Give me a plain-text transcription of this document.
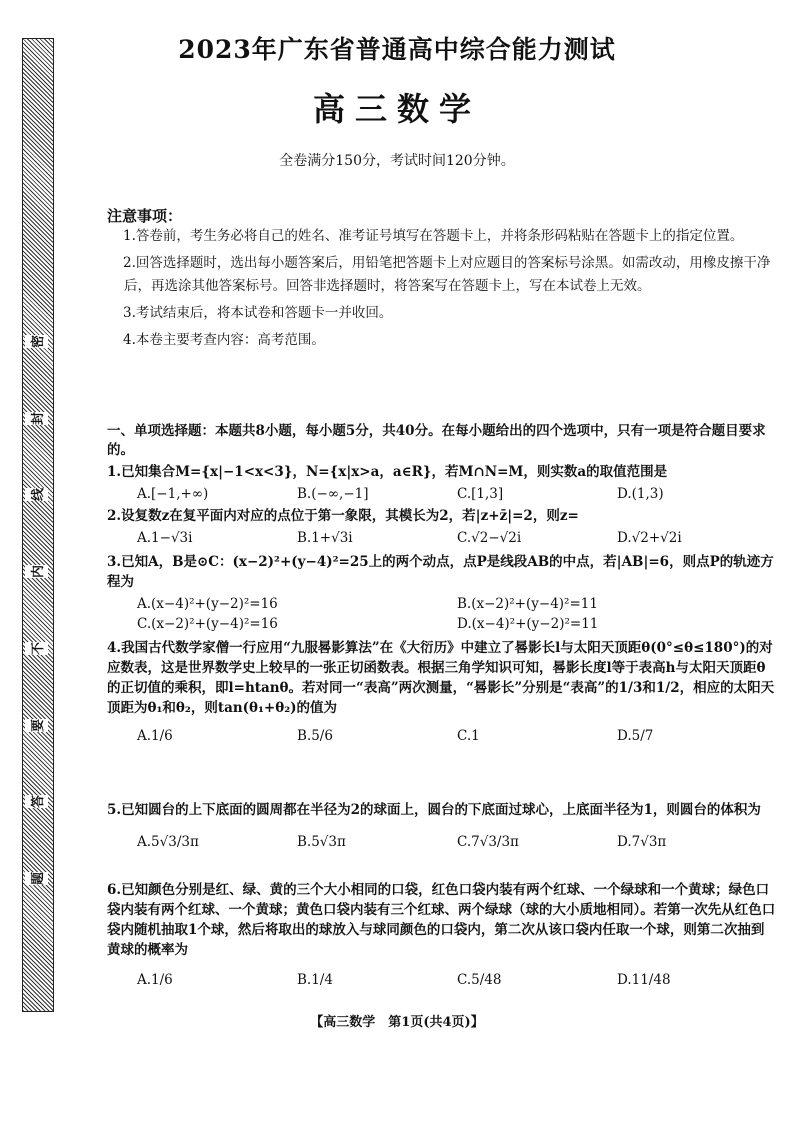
密
封
线
内
不
要
答
题
2023年广东省普通高中综合能力测试
高三数学
全卷满分150分，考试时间120分钟。
注意事项：

1.答卷前，考生务必将自己的姓名、准考证号填写在答题卡上，并将条形码粘贴在答题卡上的指定位置。

2.回答选择题时，选出每小题答案后，用铅笔把答题卡上对应题目的答案标号涂黑。如需改动，用橡皮擦干净后，再选涂其他答案标号。回答非选择题时，将答案写在答题卡上，写在本试卷上无效。

3.考试结束后，将本试卷和答题卡一并收回。

4.本卷主要考查内容：高考范围。

一、单项选择题：本题共8小题，每小题5分，共40分。在每小题给出的四个选项中，只有一项是符合题目要求的。
1.已知集合M={x|−1<x<3}，N={x|x>a，a∈R}，若M∩N=M，则实数a的取值范围是
A.[−1,+∞)	B.(−∞,−1]	C.[1,3]	D.(1,3)
2.设复数z在复平面内对应的点位于第一象限，其模长为2，若|z+z̄|=2，则z=
A.1−√3i	B.1+√3i	C.√2−√2i	D.√2+√2i
3.已知A，B是⊙C：(x−2)²+(y−4)²=25上的两个动点，点P是线段AB的中点，若|AB|=6，则点P的轨迹方程为
A.(x−4)²+(y−2)²=16	B.(x−2)²+(y−4)²=11
C.(x−2)²+(y−4)²=16	D.(x−4)²+(y−2)²=11
4.我国古代数学家僧一行应用“九服晷影算法”在《大衍历》中建立了晷影长l与太阳天顶距θ(0°≤θ≤180°)的对应数表，这是世界数学史上较早的一张正切函数表。根据三角学知识可知，晷影长度l等于表高h与太阳天顶距θ的正切值的乘积，即l=htanθ。若对同一“表高”两次测量，“晷影长”分别是“表高”的1/3和1/2，相应的太阳天顶距为θ₁和θ₂，则tan(θ₁+θ₂)的值为
A.1/6	B.5/6	C.1	D.5/7
5.已知圆台的上下底面的圆周都在半径为2的球面上，圆台的下底面过球心，上底面半径为1，则圆台的体积为
A.5√3/3π	B.5√3π	C.7√3/3π	D.7√3π
6.已知颜色分别是红、绿、黄的三个大小相同的口袋，红色口袋内装有两个红球、一个绿球和一个黄球；绿色口袋内装有两个红球、一个黄球；黄色口袋内装有三个红球、两个绿球（球的大小质地相同）。若第一次先从红色口袋内随机抽取1个球，然后将取出的球放入与球同颜色的口袋内，第二次从该口袋内任取一个球，则第二次抽到黄球的概率为
A.1/6	B.1/4	C.5/48	D.11/48
【高三数学　第1页(共4页)】
